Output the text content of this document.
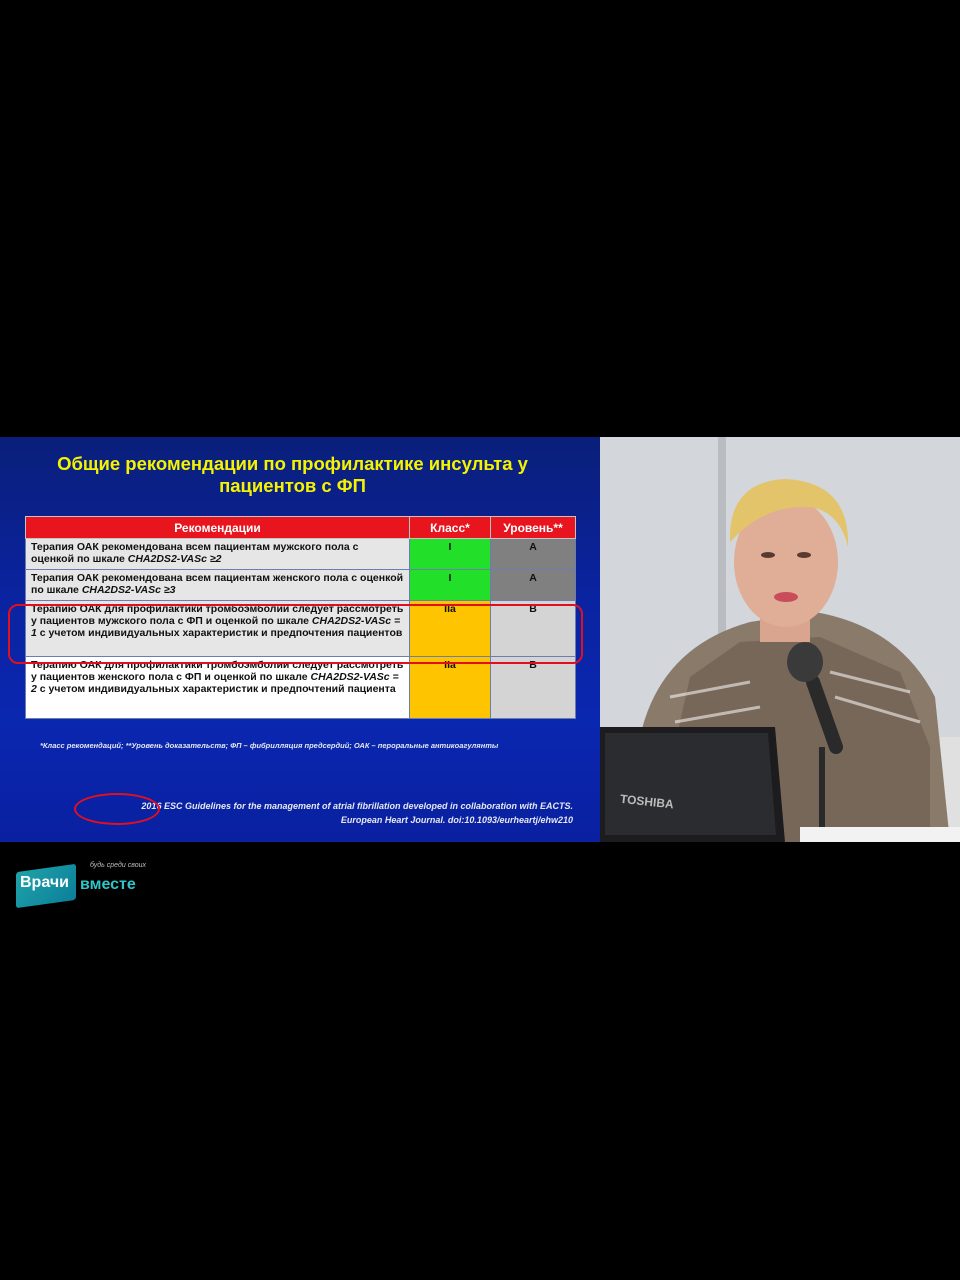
Общие рекомендации по профилактике инсульта у пациентов с ФП
Рекомендации	Класс*	Уровень**
Терапия ОАК рекомендована всем пациентам мужского пола с оценкой по шкале CHA2DS2-VASc ≥2	I	A
Терапия ОАК рекомендована всем пациентам женского пола с оценкой по шкале CHA2DS2-VASc ≥3	I	A
Терапию ОАК для профилактики тромбоэмболии следует рассмотреть у пациентов мужского пола с ФП и оценкой по шкале CHA2DS2-VASc = 1 с учетом индивидуальных характеристик и предпочтения пациентов	IIa	B
Терапию ОАК для профилактики тромбоэмболии следует рассмотреть у пациентов женского пола с ФП и оценкой по шкале CHA2DS2-VASc = 2 с учетом индивидуальных характеристик и предпочтений пациента	IIa	B
*Класс рекомендаций; **Уровень доказательств; ФП – фибрилляция предсердий; ОАК – пероральные антикоагулянты
2016 ESC Guidelines for the management of atrial fibrillation developed in collaboration with EACTS.
European Heart Journal. doi:10.1093/eurheartj/ehw210
TOSHIBA
будь среди своих
Врачи вместе
